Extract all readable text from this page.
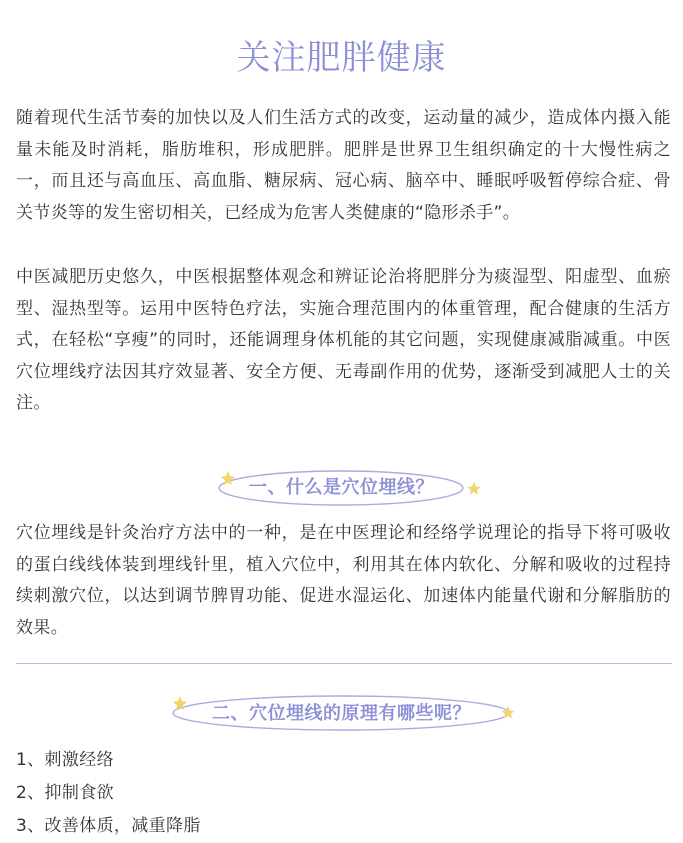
关注肥胖健康

随着现代生活节奏的加快以及人们生活方式的改变，运动量的减少，造成体内摄入能量未能及时消耗，脂肪堆积，形成肥胖。肥胖是世界卫生组织确定的十大慢性病之一，而且还与高血压、高血脂、糖尿病、冠心病、脑卒中、睡眠呼吸暂停综合症、骨关节炎等的发生密切相关，已经成为危害人类健康的“隐形杀手”。

中医减肥历史悠久，中医根据整体观念和辨证论治将肥胖分为痰湿型、阳虚型、血瘀型、湿热型等。运用中医特色疗法，实施合理范围内的体重管理，配合健康的生活方式，在轻松“享瘦”的同时，还能调理身体机能的其它问题，实现健康减脂减重。中医穴位埋线疗法因其疗效显著、安全方便、无毒副作用的优势，逐渐受到减肥人士的关注。

一、什么是穴位埋线？

穴位埋线是针灸治疗方法中的一种，是在中医理论和经络学说理论的指导下将可吸收的蛋白线线体装到埋线针里，植入穴位中，利用其在体内软化、分解和吸收的过程持续刺激穴位，以达到调节脾胃功能、促进水湿运化、加速体内能量代谢和分解脂肪的效果。

二、穴位埋线的原理有哪些呢？
1、刺激经络
2、抑制食欲
3、改善体质，减重降脂
